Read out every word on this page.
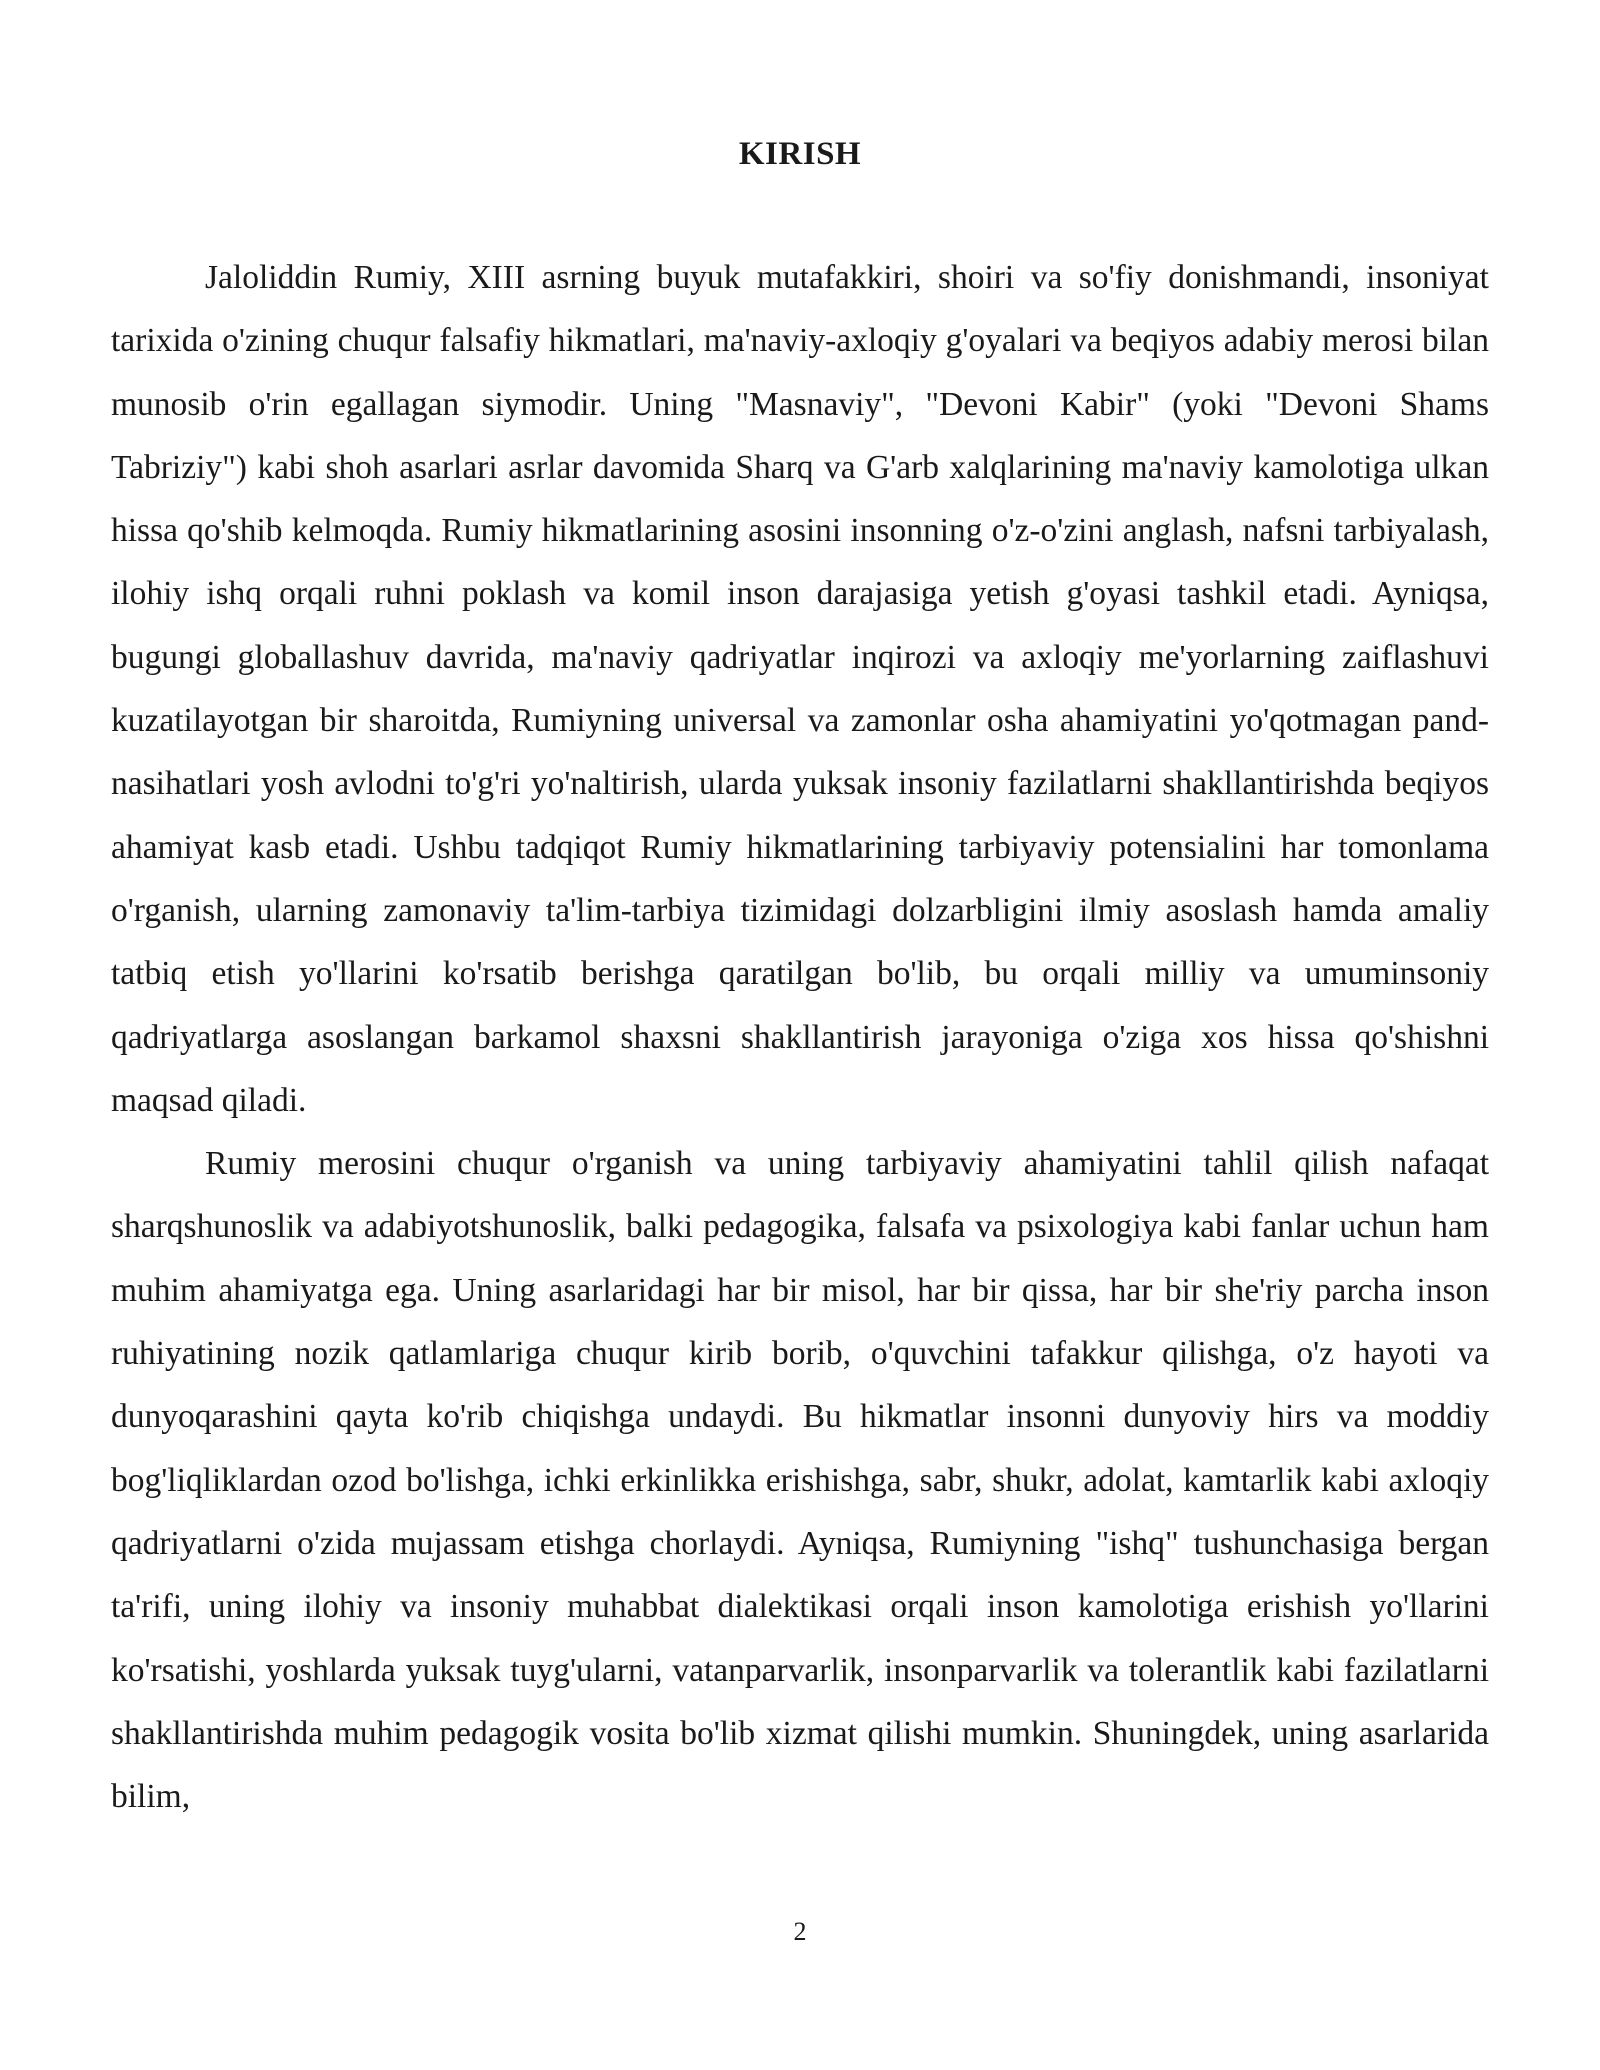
KIRISH

Jaloliddin Rumiy, XIII asrning buyuk mutafakkiri, shoiri va so'fiy donishmandi, insoniyat tarixida o'zining chuqur falsafiy hikmatlari, ma'naviy-axloqiy g'oyalari va beqiyos adabiy merosi bilan munosib o'rin egallagan siymodir. Uning "Masnaviy", "Devoni Kabir" (yoki "Devoni Shams Tabriziy") kabi shoh asarlari asrlar davomida Sharq va G'arb xalqlarining ma'naviy kamolotiga ulkan hissa qo'shib kelmoqda. Rumiy hikmatlarining asosini insonning o'z-o'zini anglash, nafsni tarbiyalash, ilohiy ishq orqali ruhni poklash va komil inson darajasiga yetish g'oyasi tashkil etadi. Ayniqsa, bugungi globallashuv davrida, ma'naviy qadriyatlar inqirozi va axloqiy me'yorlarning zaiflashuvi kuzatilayotgan bir sharoitda, Rumiyning universal va zamonlar osha ahamiyatini yo'qotmagan pand-nasihatlari yosh avlodni to'g'ri yo'naltirish, ularda yuksak insoniy fazilatlarni shakllantirishda beqiyos ahamiyat kasb etadi. Ushbu tadqiqot Rumiy hikmatlarining tarbiyaviy potensialini har tomonlama o'rganish, ularning zamonaviy ta'lim-tarbiya tizimidagi dolzarbligini ilmiy asoslash hamda amaliy tatbiq etish yo'llarini ko'rsatib berishga qaratilgan bo'lib, bu orqali milliy va umuminsoniy qadriyatlarga asoslangan barkamol shaxsni shakllantirish jarayoniga o'ziga xos hissa qo'shishni maqsad qiladi.

Rumiy merosini chuqur o'rganish va uning tarbiyaviy ahamiyatini tahlil qilish nafaqat sharqshunoslik va adabiyotshunoslik, balki pedagogika, falsafa va psixologiya kabi fanlar uchun ham muhim ahamiyatga ega. Uning asarlaridagi har bir misol, har bir qissa, har bir she'riy parcha inson ruhiyatining nozik qatlamlariga chuqur kirib borib, o'quvchini tafakkur qilishga, o'z hayoti va dunyoqarashini qayta ko'rib chiqishga undaydi. Bu hikmatlar insonni dunyoviy hirs va moddiy bog'liqliklardan ozod bo'lishga, ichki erkinlikka erishishga, sabr, shukr, adolat, kamtarlik kabi axloqiy qadriyatlarni o'zida mujassam etishga chorlaydi. Ayniqsa, Rumiyning "ishq" tushunchasiga bergan ta'rifi, uning ilohiy va insoniy muhabbat dialektikasi orqali inson kamolotiga erishish yo'llarini ko'rsatishi, yoshlarda yuksak tuyg'ularni, vatanparvarlik, insonparvarlik va tolerantlik kabi fazilatlarni shakllantirishda muhim pedagogik vosita bo'lib xizmat qilishi mumkin. Shuningdek, uning asarlarida bilim,

2
